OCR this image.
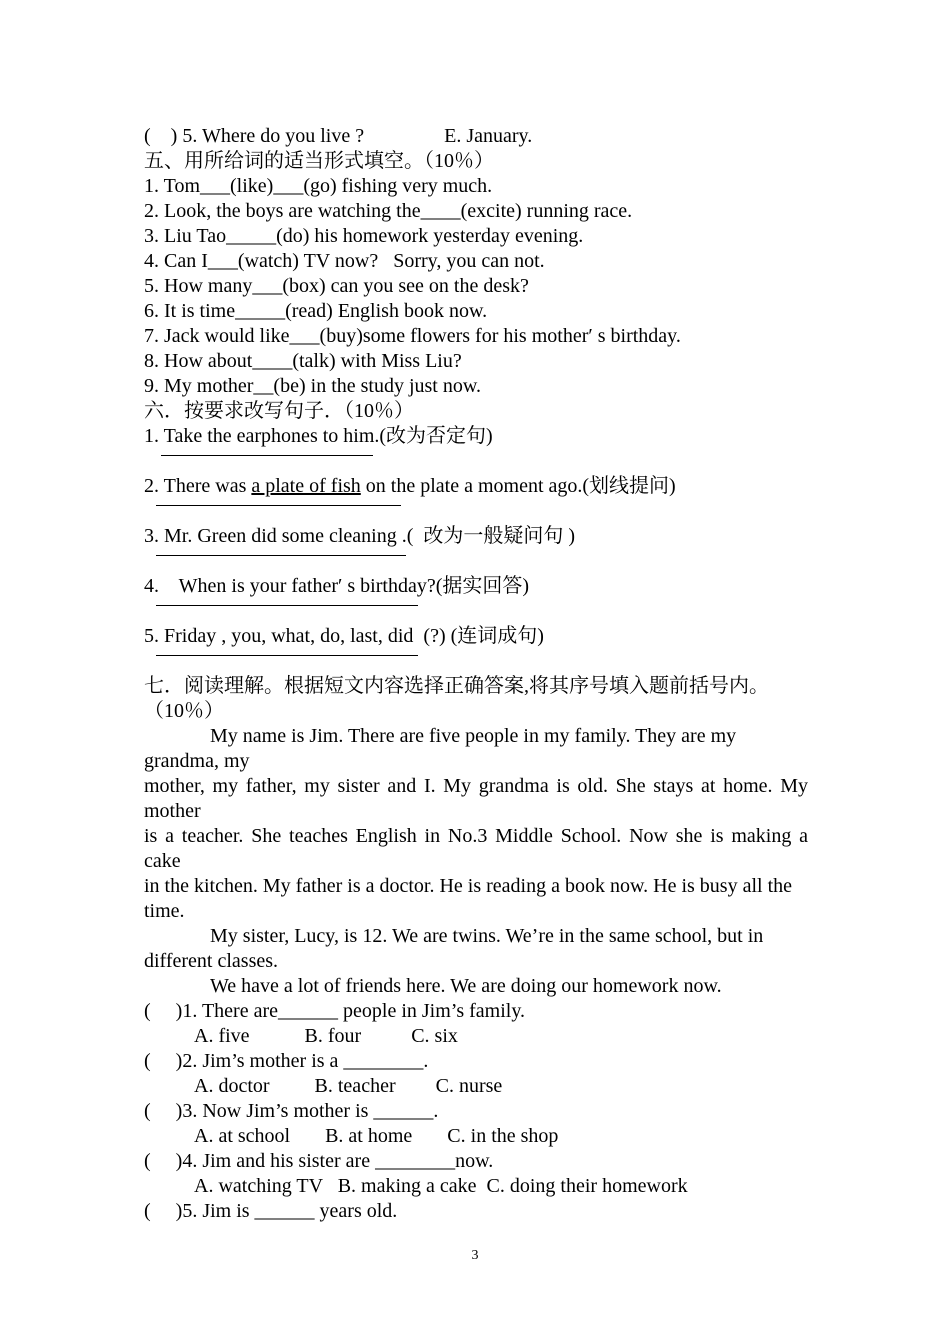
(    ) 5. Where do you live ?                E. January.
五、用所给词的适当形式填空。（10％）
1. Tom___(like)___(go) fishing very much.
2. Look, the boys are watching the____(excite) running race.
3. Liu Tao_____(do) his homework yesterday evening.
4. Can I___(watch) TV now?   Sorry, you can not.
5. How many___(box) can you see on the desk?
6. It is time_____(read) English book now.
7. Jack would like___(buy)some flowers for his mother′ s birthday.
8. How about____(talk) with Miss Liu?
9. My mother__(be) in the study just now.
六．按要求改写句子．（10％）
1. Take the earphones to him.(改为否定句)
2. There was a plate of fish on the plate a moment ago.(划线提问)
3. Mr. Green did some cleaning .(  改为一般疑问句 )
4.    When is your father′ s birthday?(据实回答)
5. Friday , you, what, do, last, did  (?) (连词成句)
七．阅读理解。根据短文内容选择正确答案,将其序号填入题前括号内。（10％）
My name is Jim. There are five people in my family. They are my grandma, my
mother, my father, my sister and I. My grandma is old. She stays at home. My mother
is a teacher. She teaches English in No.3 Middle School. Now she is making a cake
in the kitchen. My father is a doctor. He is reading a book now. He is busy all the time.
My sister, Lucy, is 12. We are twins. We’re in the same school, but in different classes.
We have a lot of friends here. We are doing our homework now.
(     )1. There are______ people in Jim’s family.
A. five           B. four          C. six
(     )2. Jim’s mother is a ________.
A. doctor         B. teacher        C. nurse
(     )3. Now Jim’s mother is ______.
A. at school       B. at home       C. in the shop
(     )4. Jim and his sister are ________now.
A. watching TV   B. making a cake  C. doing their homework
(     )5. Jim is ______ years old.
3
